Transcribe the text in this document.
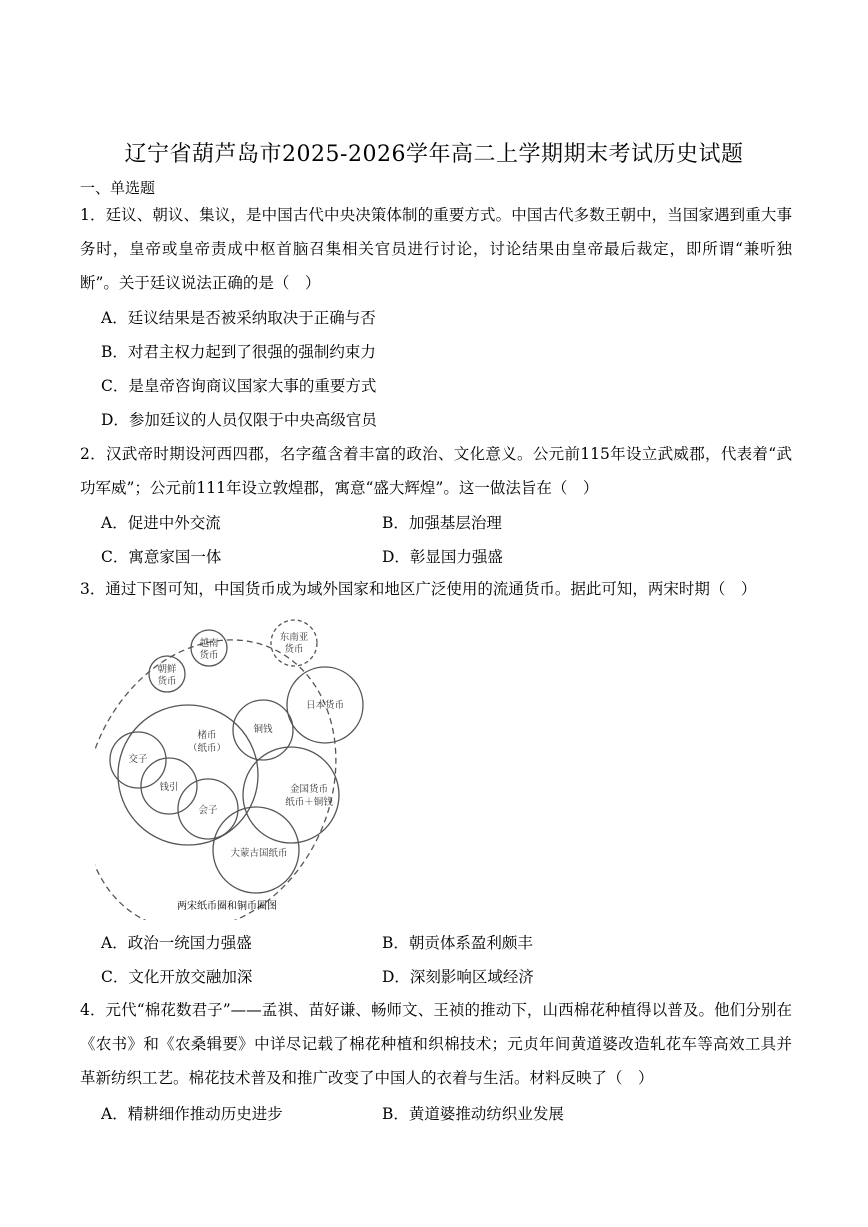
辽宁省葫芦岛市2025-2026学年高二上学期期末考试历史试题
一、单选题
1．廷议、朝议、集议，是中国古代中央决策体制的重要方式。中国古代多数王朝中，当国家遇到重大事务时，皇帝或皇帝责成中枢首脑召集相关官员进行讨论，讨论结果由皇帝最后裁定，即所谓“兼听独断”。关于廷议说法正确的是（　）
A．廷议结果是否被采纳取决于正确与否
B．对君主权力起到了很强的强制约束力
C．是皇帝咨询商议国家大事的重要方式
D．参加廷议的人员仅限于中央高级官员
2．汉武帝时期设河西四郡，名字蕴含着丰富的政治、文化意义。公元前115年设立武威郡，代表着“武功军威”；公元前111年设立敦煌郡，寓意“盛大辉煌”。这一做法旨在（　）
A．促进中外交流	B．加强基层治理
C．寓意家国一体	D．彰显国力强盛
3．通过下图可知，中国货币成为域外国家和地区广泛使用的流通货币。据此可知，两宋时期（　）
越南
货币
朝鲜
货币
东南亚
货币
日本货币
铜钱
楮币
（纸币）
交子
钱引
会子
金国货币
纸币＋铜钱
大蒙古国纸币
两宋纸币圈和铜币圈图
A．政治一统国力强盛	B．朝贡体系盈利颇丰
C．文化开放交融加深	D．深刻影响区域经济
4．元代“棉花数君子”——孟祺、苗好谦、畅师文、王祯的推动下，山西棉花种植得以普及。他们分别在《农书》和《农桑辑要》中详尽记载了棉花种植和织棉技术；元贞年间黄道婆改造轧花车等高效工具并革新纺织工艺。棉花技术普及和推广改变了中国人的衣着与生活。材料反映了（　）
A．精耕细作推动历史进步	B．黄道婆推动纺织业发展
